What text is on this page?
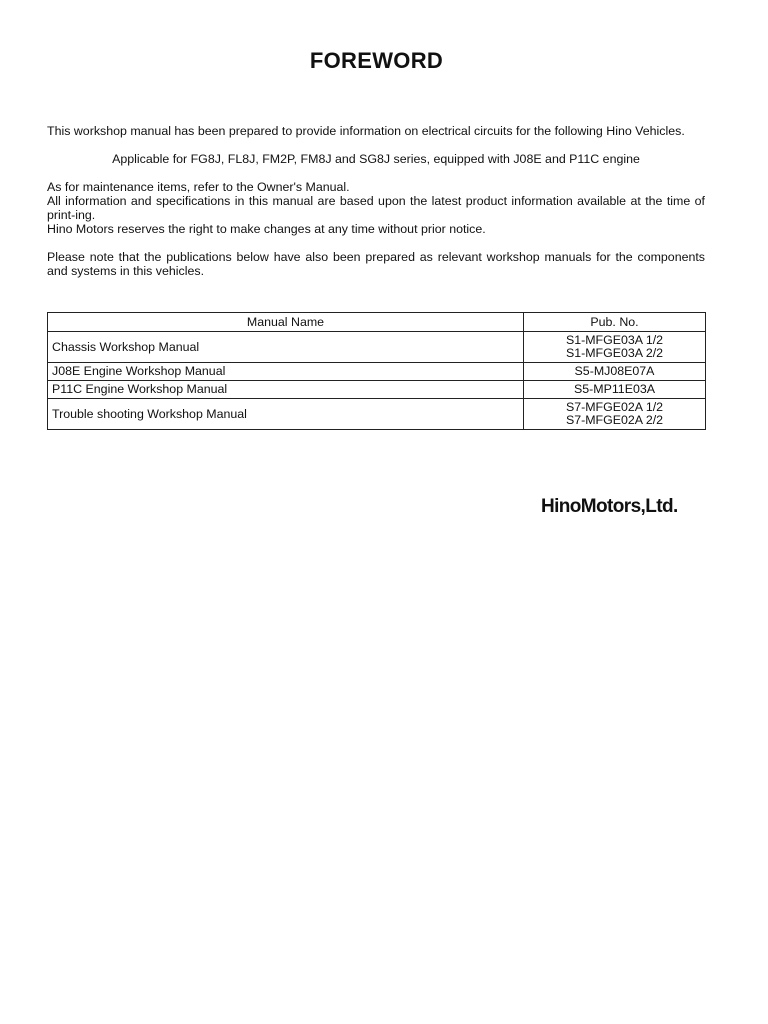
FOREWORD

This workshop manual has been prepared to provide information on electrical circuits for the following Hino Vehicles.

Applicable for FG8J, FL8J, FM2P, FM8J and SG8J series, equipped with J08E and P11C engine

As for maintenance items, refer to the Owner's Manual.
All information and specifications in this manual are based upon the latest product information available at the time of print-ing.
Hino Motors reserves the right to make changes at any time without prior notice.

Please note that the publications below have also been prepared as relevant workshop manuals for the components and systems in this vehicles.

Manual Name	Pub. No.
Chassis Workshop Manual	S1-MFGE03A 1/2
S1-MFGE03A 2/2

J08E Engine Workshop Manual	S5-MJ08E07A

P11C Engine Workshop Manual	S5-MP11E03A

Trouble shooting Workshop Manual	S7-MFGE02A 1/2
S7-MFGE02A 2/2
HinoMotors,Ltd.
